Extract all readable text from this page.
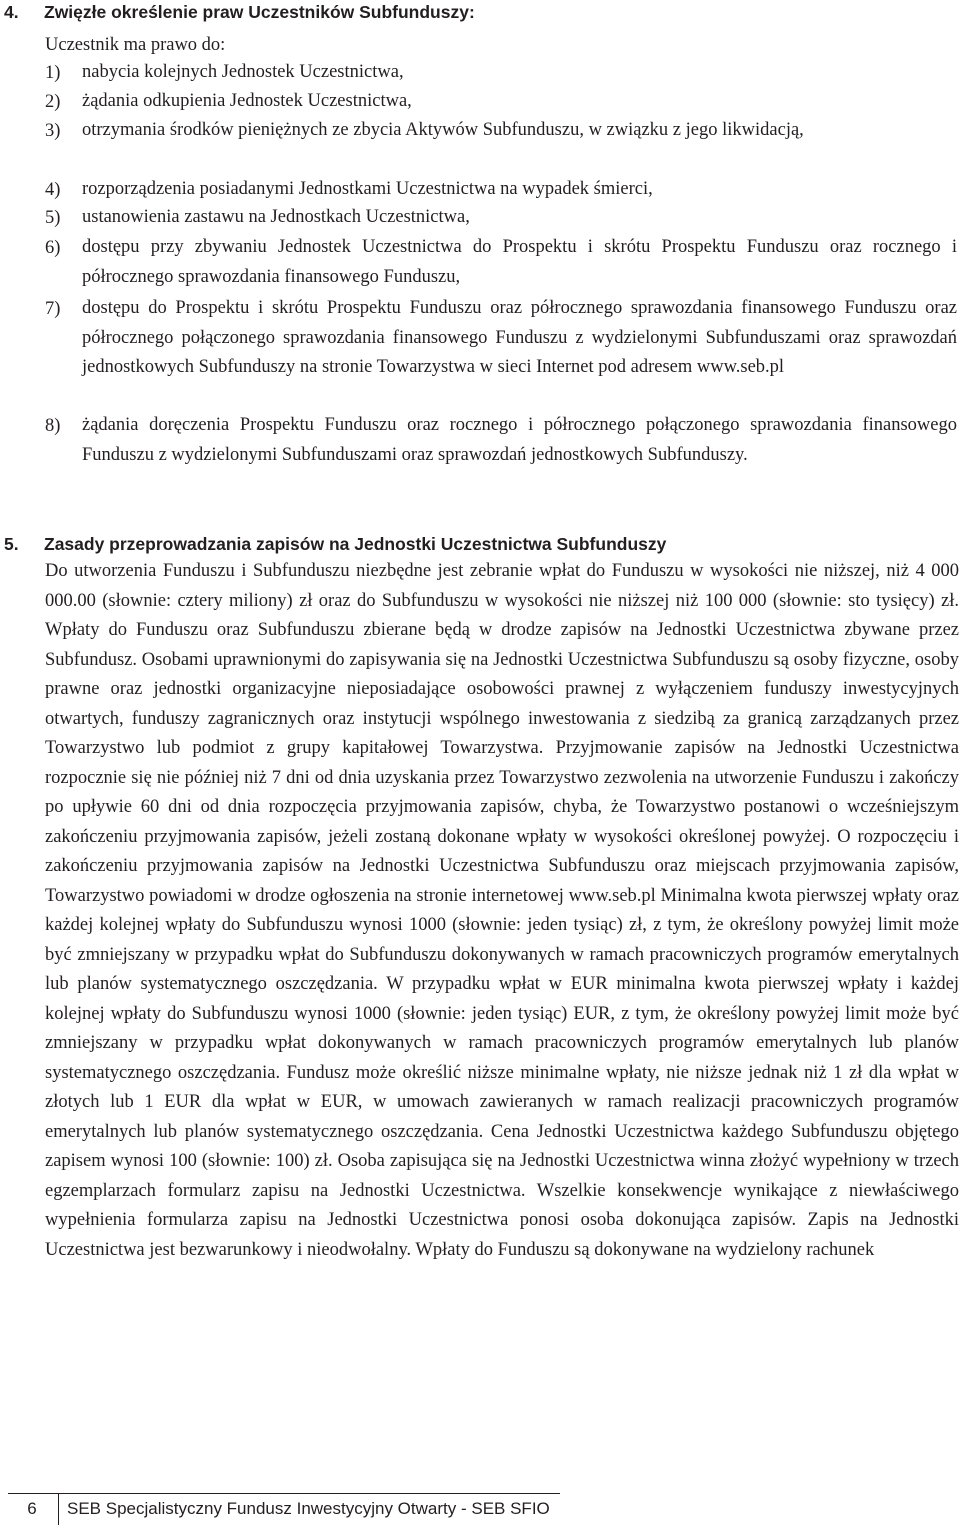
4. Zwięzłe określenie praw Uczestników Subfunduszy:
Uczestnik ma prawo do:
1) nabycia kolejnych Jednostek Uczestnictwa,
2) żądania odkupienia Jednostek Uczestnictwa,
3) otrzymania środków pieniężnych ze zbycia Aktywów Subfunduszu, w związku z jego likwidacją,
4) rozporządzenia posiadanymi Jednostkami Uczestnictwa na wypadek śmierci,
5) ustanowienia zastawu na Jednostkach Uczestnictwa,
6) dostępu przy zbywaniu Jednostek Uczestnictwa do Prospektu i skrótu Prospektu Funduszu oraz rocznego i półrocznego sprawozdania finansowego Funduszu,
7) dostępu do Prospektu i skrótu Prospektu Funduszu oraz półrocznego sprawozdania finansowego Funduszu oraz półrocznego połączonego sprawozdania finansowego Funduszu z wydzielonymi Subfunduszami oraz sprawozdań jednostkowych Subfunduszy na stronie Towarzystwa w sieci Internet pod adresem www.seb.pl
8) żądania doręczenia Prospektu Funduszu oraz rocznego i półrocznego połączonego sprawozdania finansowego Funduszu z wydzielonymi Subfunduszami oraz sprawozdań jednostkowych Subfunduszy.
5. Zasady przeprowadzania zapisów na Jednostki Uczestnictwa Subfunduszy

Do utworzenia Funduszu i Subfunduszu niezbędne jest zebranie wpłat do Funduszu w wysokości nie niższej, niż 4 000 000.00 (słownie: cztery miliony) zł oraz do Subfunduszu w wysokości nie niższej niż 100 000 (słownie: sto tysięcy) zł. Wpłaty do Funduszu oraz Subfunduszu zbierane będą w drodze zapisów na Jednostki Uczestnictwa zbywane przez Subfundusz. Osobami uprawnionymi do zapisywania się na Jednostki Uczestnictwa Subfunduszu są osoby fizyczne, osoby prawne oraz jednostki organizacyjne nieposiadające osobowości prawnej z wyłączeniem funduszy inwestycyjnych otwartych, funduszy zagranicznych oraz instytucji wspólnego inwestowania z siedzibą za granicą zarządzanych przez Towarzystwo lub podmiot z grupy kapitałowej Towarzystwa. Przyjmowanie zapisów na Jednostki Uczestnictwa rozpocznie się nie później niż 7 dni od dnia uzyskania przez Towarzystwo zezwolenia na utworzenie Funduszu i zakończy po upływie 60 dni od dnia rozpoczęcia przyjmowania zapisów, chyba, że Towarzystwo postanowi o wcześniejszym zakończeniu przyjmowania zapisów, jeżeli zostaną dokonane wpłaty w wysokości określonej powyżej. O rozpoczęciu i zakończeniu przyjmowania zapisów na Jednostki Uczestnictwa Subfunduszu oraz miejscach przyjmowania zapisów, Towarzystwo powiadomi w drodze ogłoszenia na stronie internetowej www.seb.pl Minimalna kwota pierwszej wpłaty oraz każdej kolejnej wpłaty do Subfunduszu wynosi 1000 (słownie: jeden tysiąc) zł, z tym, że określony powyżej limit może być zmniejszany w przypadku wpłat do Subfunduszu dokonywanych w ramach pracowniczych programów emerytalnych lub planów systematycznego oszczędzania. W przypadku wpłat w EUR minimalna kwota pierwszej wpłaty i każdej kolejnej wpłaty do Subfunduszu wynosi 1000 (słownie: jeden tysiąc) EUR, z tym, że określony powyżej limit może być zmniejszany w przypadku wpłat dokonywanych w ramach pracowniczych programów emerytalnych lub planów systematycznego oszczędzania. Fundusz może określić niższe minimalne wpłaty, nie niższe jednak niż 1 zł dla wpłat w złotych lub 1 EUR dla wpłat w EUR, w umowach zawieranych w ramach realizacji pracowniczych programów emerytalnych lub planów systematycznego oszczędzania. Cena Jednostki Uczestnictwa każdego Subfunduszu objętego zapisem wynosi 100 (słownie: 100) zł. Osoba zapisująca się na Jednostki Uczestnictwa winna złożyć wypełniony w trzech egzemplarzach formularz zapisu na Jednostki Uczestnictwa. Wszelkie konsekwencje wynikające z niewłaściwego wypełnienia formularza zapisu na Jednostki Uczestnictwa ponosi osoba dokonująca zapisów. Zapis na Jednostki Uczestnictwa jest bezwarunkowy i nieodwołalny. Wpłaty do Funduszu są dokonywane na wydzielony rachunek

6	SEB Specjalistyczny Fundusz Inwestycyjny Otwarty - SEB SFIO
